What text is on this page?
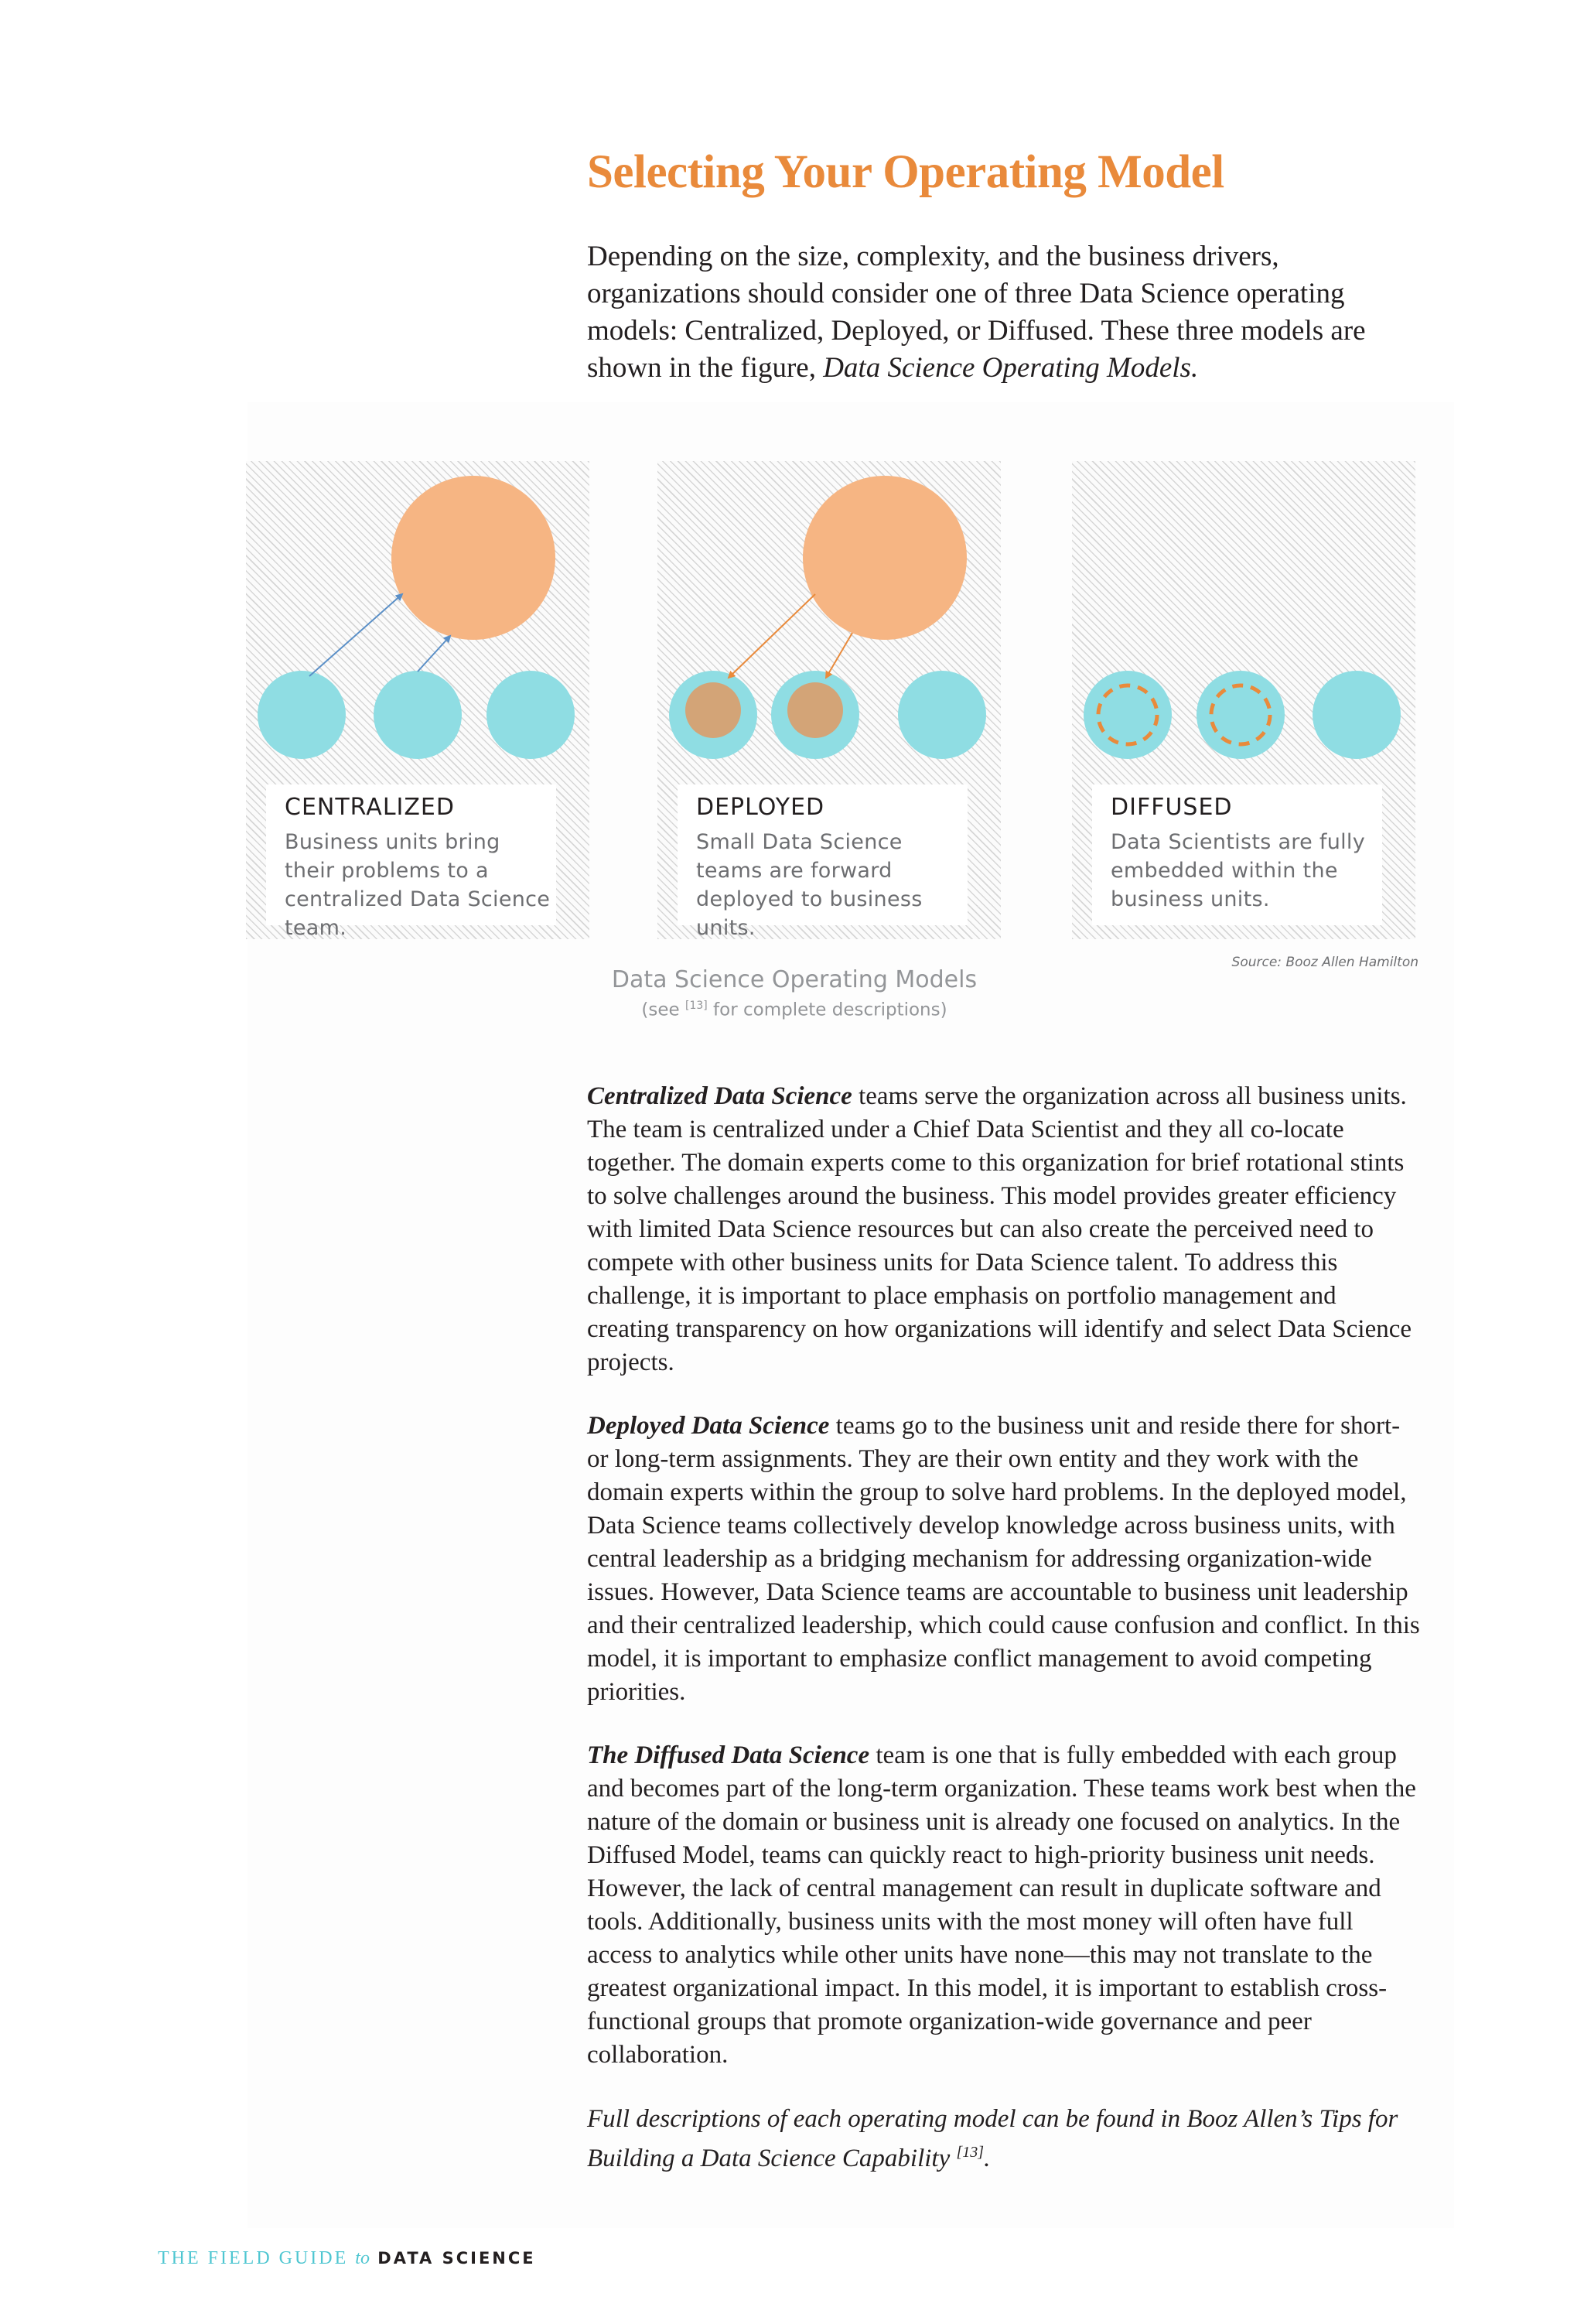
Selecting Your Operating Model

Depending on the size, complexity, and the business drivers, organizations should consider one of three Data Science operating models: Centralized, Deployed, or Diffused. These three models are shown in the figure, Data Science Operating Models.

CENTRALIZED
Business units bring their problems to a centralized Data Science team.
DEPLOYED
Small Data Science teams are forward deployed to business units.
DIFFUSED
Data Scientists are fully embedded within the business units.
Source: Booz Allen Hamilton
Data Science Operating Models
(see [13] for complete descriptions)

Centralized Data Science teams serve the organization across all business units. The team is centralized under a Chief Data Scientist and they all co-locate together. The domain experts come to this organization for brief rotational stints to solve challenges around the business. This model provides greater efficiency with limited Data Science resources but can also create the perceived need to compete with other business units for Data Science talent. To address this challenge, it is important to place emphasis on portfolio management and creating transparency on how organizations will identify and select Data Science projects.

Deployed Data Science teams go to the business unit and reside there for short- or long-term assignments. They are their own entity and they work with the domain experts within the group to solve hard problems. In the deployed model, Data Science teams collectively develop knowledge across business units, with central leadership as a bridging mechanism for addressing organization-wide issues. However, Data Science teams are accountable to business unit leadership and their centralized leadership, which could cause confusion and conflict. In this model, it is important to emphasize conflict management to avoid competing priorities.

The Diffused Data Science team is one that is fully embedded with each group and becomes part of the long-term organization. These teams work best when the nature of the domain or business unit is already one focused on analytics. In the Diffused Model, teams can quickly react to high-priority business unit needs. However, the lack of central management can result in duplicate software and tools. Additionally, business units with the most money will often have full access to analytics while other units have none—this may not translate to the greatest organizational impact. In this model, it is important to establish cross-functional groups that promote organization-wide governance and peer collaboration.

Full descriptions of each operating model can be found in Booz Allen’s Tips for Building a Data Science Capability [13].

THE FIELD GUIDE to DATA SCIENCE
